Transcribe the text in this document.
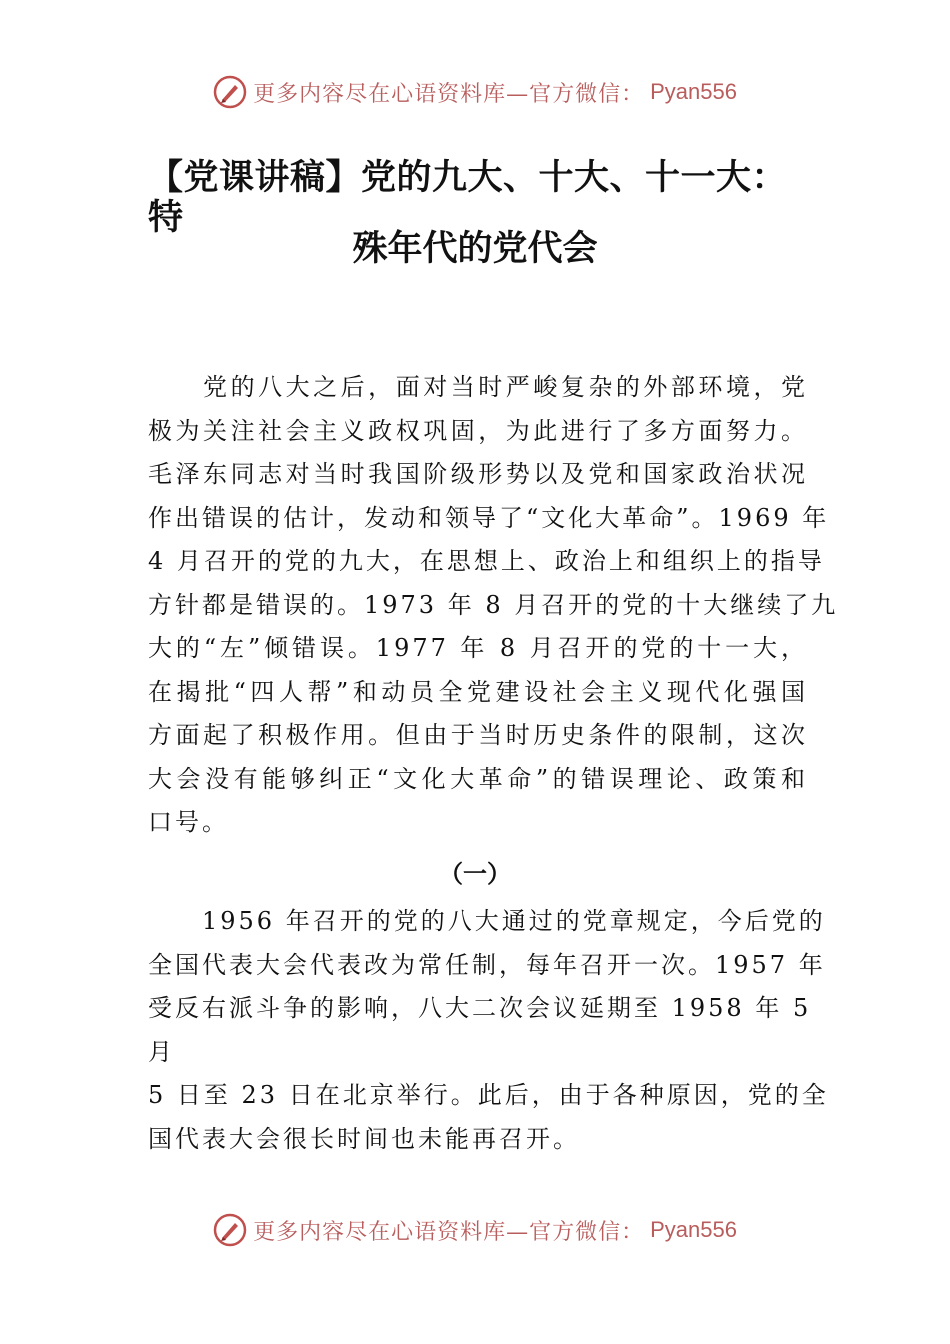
更多内容尽在心语资料库—官方微信： Pyan556
【党课讲稿】党的九大、十大、十一大：特
殊年代的党代会
　　党的八大之后，面对当时严峻复杂的外部环境，党
极为关注社会主义政权巩固，为此进行了多方面努力。
毛泽东同志对当时我国阶级形势以及党和国家政治状况
作出错误的估计，发动和领导了“文化大革命”。1969 年
4 月召开的党的九大，在思想上、政治上和组织上的指导
方针都是错误的。1973 年 8 月召开的党的十大继续了九
大的“左”倾错误。1977 年 8 月召开的党的十一大，
在揭批“四人帮”和动员全党建设社会主义现代化强国
方面起了积极作用。但由于当时历史条件的限制，这次
大会没有能够纠正“文化大革命”的错误理论、政策和
口号。
（一）
　　1956 年召开的党的八大通过的党章规定，今后党的
全国代表大会代表改为常任制，每年召开一次。1957 年
受反右派斗争的影响，八大二次会议延期至 1958 年 5
月
5 日至 23 日在北京举行。此后，由于各种原因，党的全
国代表大会很长时间也未能再召开。
更多内容尽在心语资料库—官方微信： Pyan556
